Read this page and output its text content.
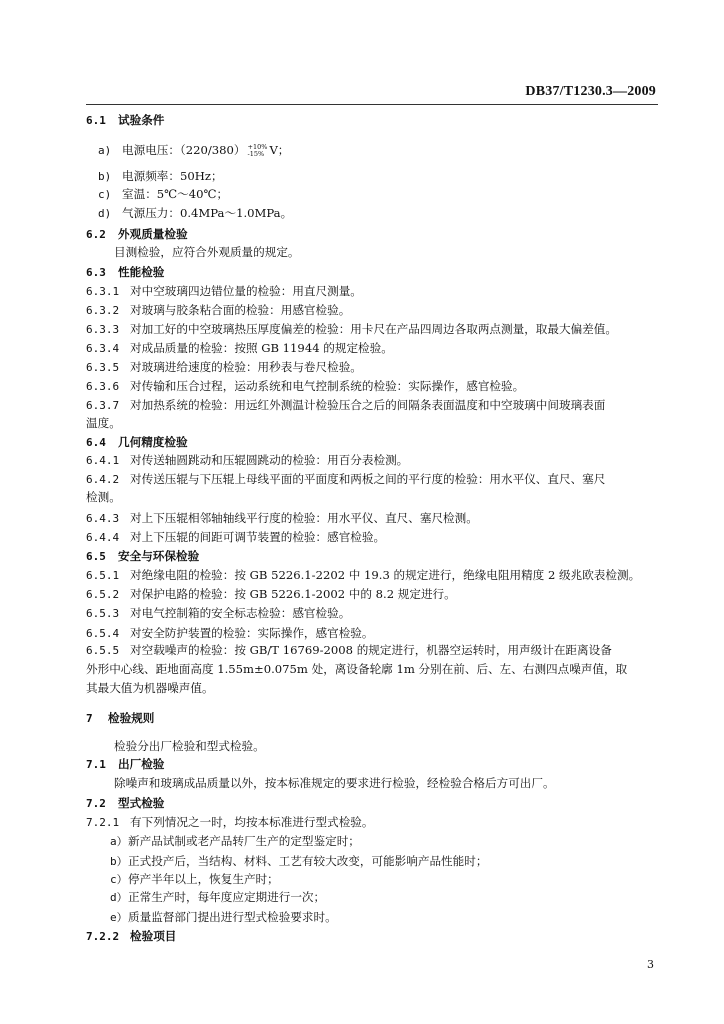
DB37/T1230.3—2009
6.1 试验条件
a) 电源电压：（220/380） +10%
-15% V；
b) 电源频率：50Hz；
c) 室温：5℃～40℃；
d) 气源压力：0.4MPa～1.0MPa。
6.2 外观质量检验
目测检验，应符合外观质量的规定。
6.3 性能检验
6.3.1 对中空玻璃四边错位量的检验：用直尺测量。
6.3.2 对玻璃与胶条粘合面的检验：用感官检验。
6.3.3 对加工好的中空玻璃热压厚度偏差的检验：用卡尺在产品四周边各取两点测量，取最大偏差值。
6.3.4 对成品质量的检验：按照 GB 11944 的规定检验。
6.3.5 对玻璃进给速度的检验：用秒表与卷尺检验。
6.3.6 对传输和压合过程，运动系统和电气控制系统的检验：实际操作，感官检验。
6.3.7 对加热系统的检验：用远红外测温计检验压合之后的间隔条表面温度和中空玻璃中间玻璃表面
温度。
6.4 几何精度检验
6.4.1 对传送轴圆跳动和压辊圆跳动的检验：用百分表检测。
6.4.2 对传送压辊与下压辊上母线平面的平面度和两板之间的平行度的检验：用水平仪、直尺、塞尺
检测。
6.4.3 对上下压辊相邻轴轴线平行度的检验：用水平仪、直尺、塞尺检测。
6.4.4 对上下压辊的间距可调节装置的检验：感官检验。
6.5 安全与环保检验
6.5.1 对绝缘电阻的检验：按 GB 5226.1-2202 中 19.3 的规定进行，绝缘电阻用精度 2 级兆欧表检测。
6.5.2 对保护电路的检验：按 GB 5226.1-2002 中的 8.2 规定进行。
6.5.3 对电气控制箱的安全标志检验：感官检验。
6.5.4 对安全防护装置的检验：实际操作，感官检验。
6.5.5 对空载噪声的检验：按 GB/T 16769-2008 的规定进行，机器空运转时，用声级计在距离设备
外形中心线、距地面高度 1.55m±0.075m 处，离设备轮廓 1m 分别在前、后、左、右测四点噪声值，取
其最大值为机器噪声值。
7 检验规则
检验分出厂检验和型式检验。
7.1 出厂检验
除噪声和玻璃成品质量以外，按本标准规定的要求进行检验，经检验合格后方可出厂。
7.2 型式检验
7.2.1 有下列情况之一时，均按本标准进行型式检验。
a）新产品试制或老产品转厂生产的定型鉴定时；
b）正式投产后，当结构、材料、工艺有较大改变，可能影响产品性能时；
c）停产半年以上，恢复生产时；
d）正常生产时，每年度应定期进行一次；
e）质量监督部门提出进行型式检验要求时。
7.2.2 检验项目
3
